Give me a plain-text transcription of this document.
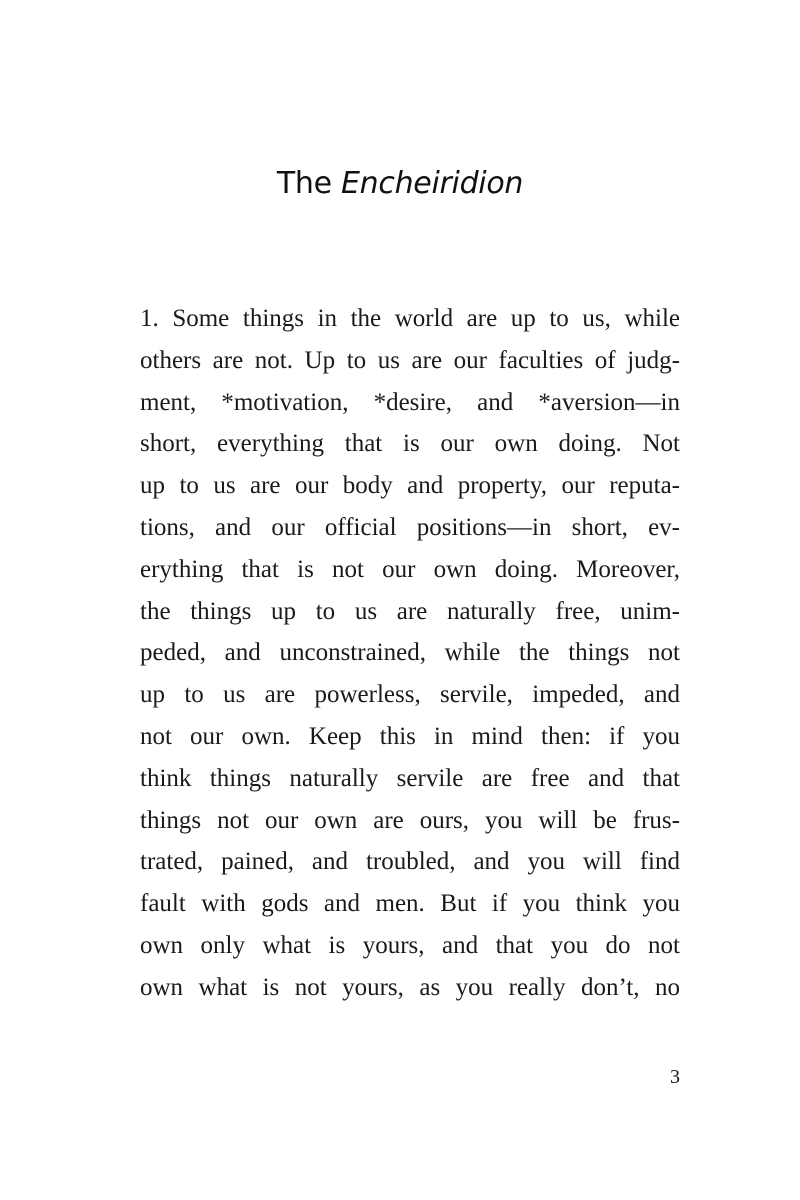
The Encheiridion
1. Some things in the world are up to us, while
others are not. Up to us are our faculties of judg-
ment, *motivation, *desire, and *aversion—in
short, everything that is our own doing. Not
up to us are our body and property, our reputa-
tions, and our official positions—in short, ev-
erything that is not our own doing. Moreover,
the things up to us are naturally free, unim-
peded, and unconstrained, while the things not
up to us are powerless, servile, impeded, and
not our own. Keep this in mind then: if you
think things naturally servile are free and that
things not our own are ours, you will be frus-
trated, pained, and troubled, and you will find
fault with gods and men. But if you think you
own only what is yours, and that you do not
own what is not yours, as you really don’t, no
3
